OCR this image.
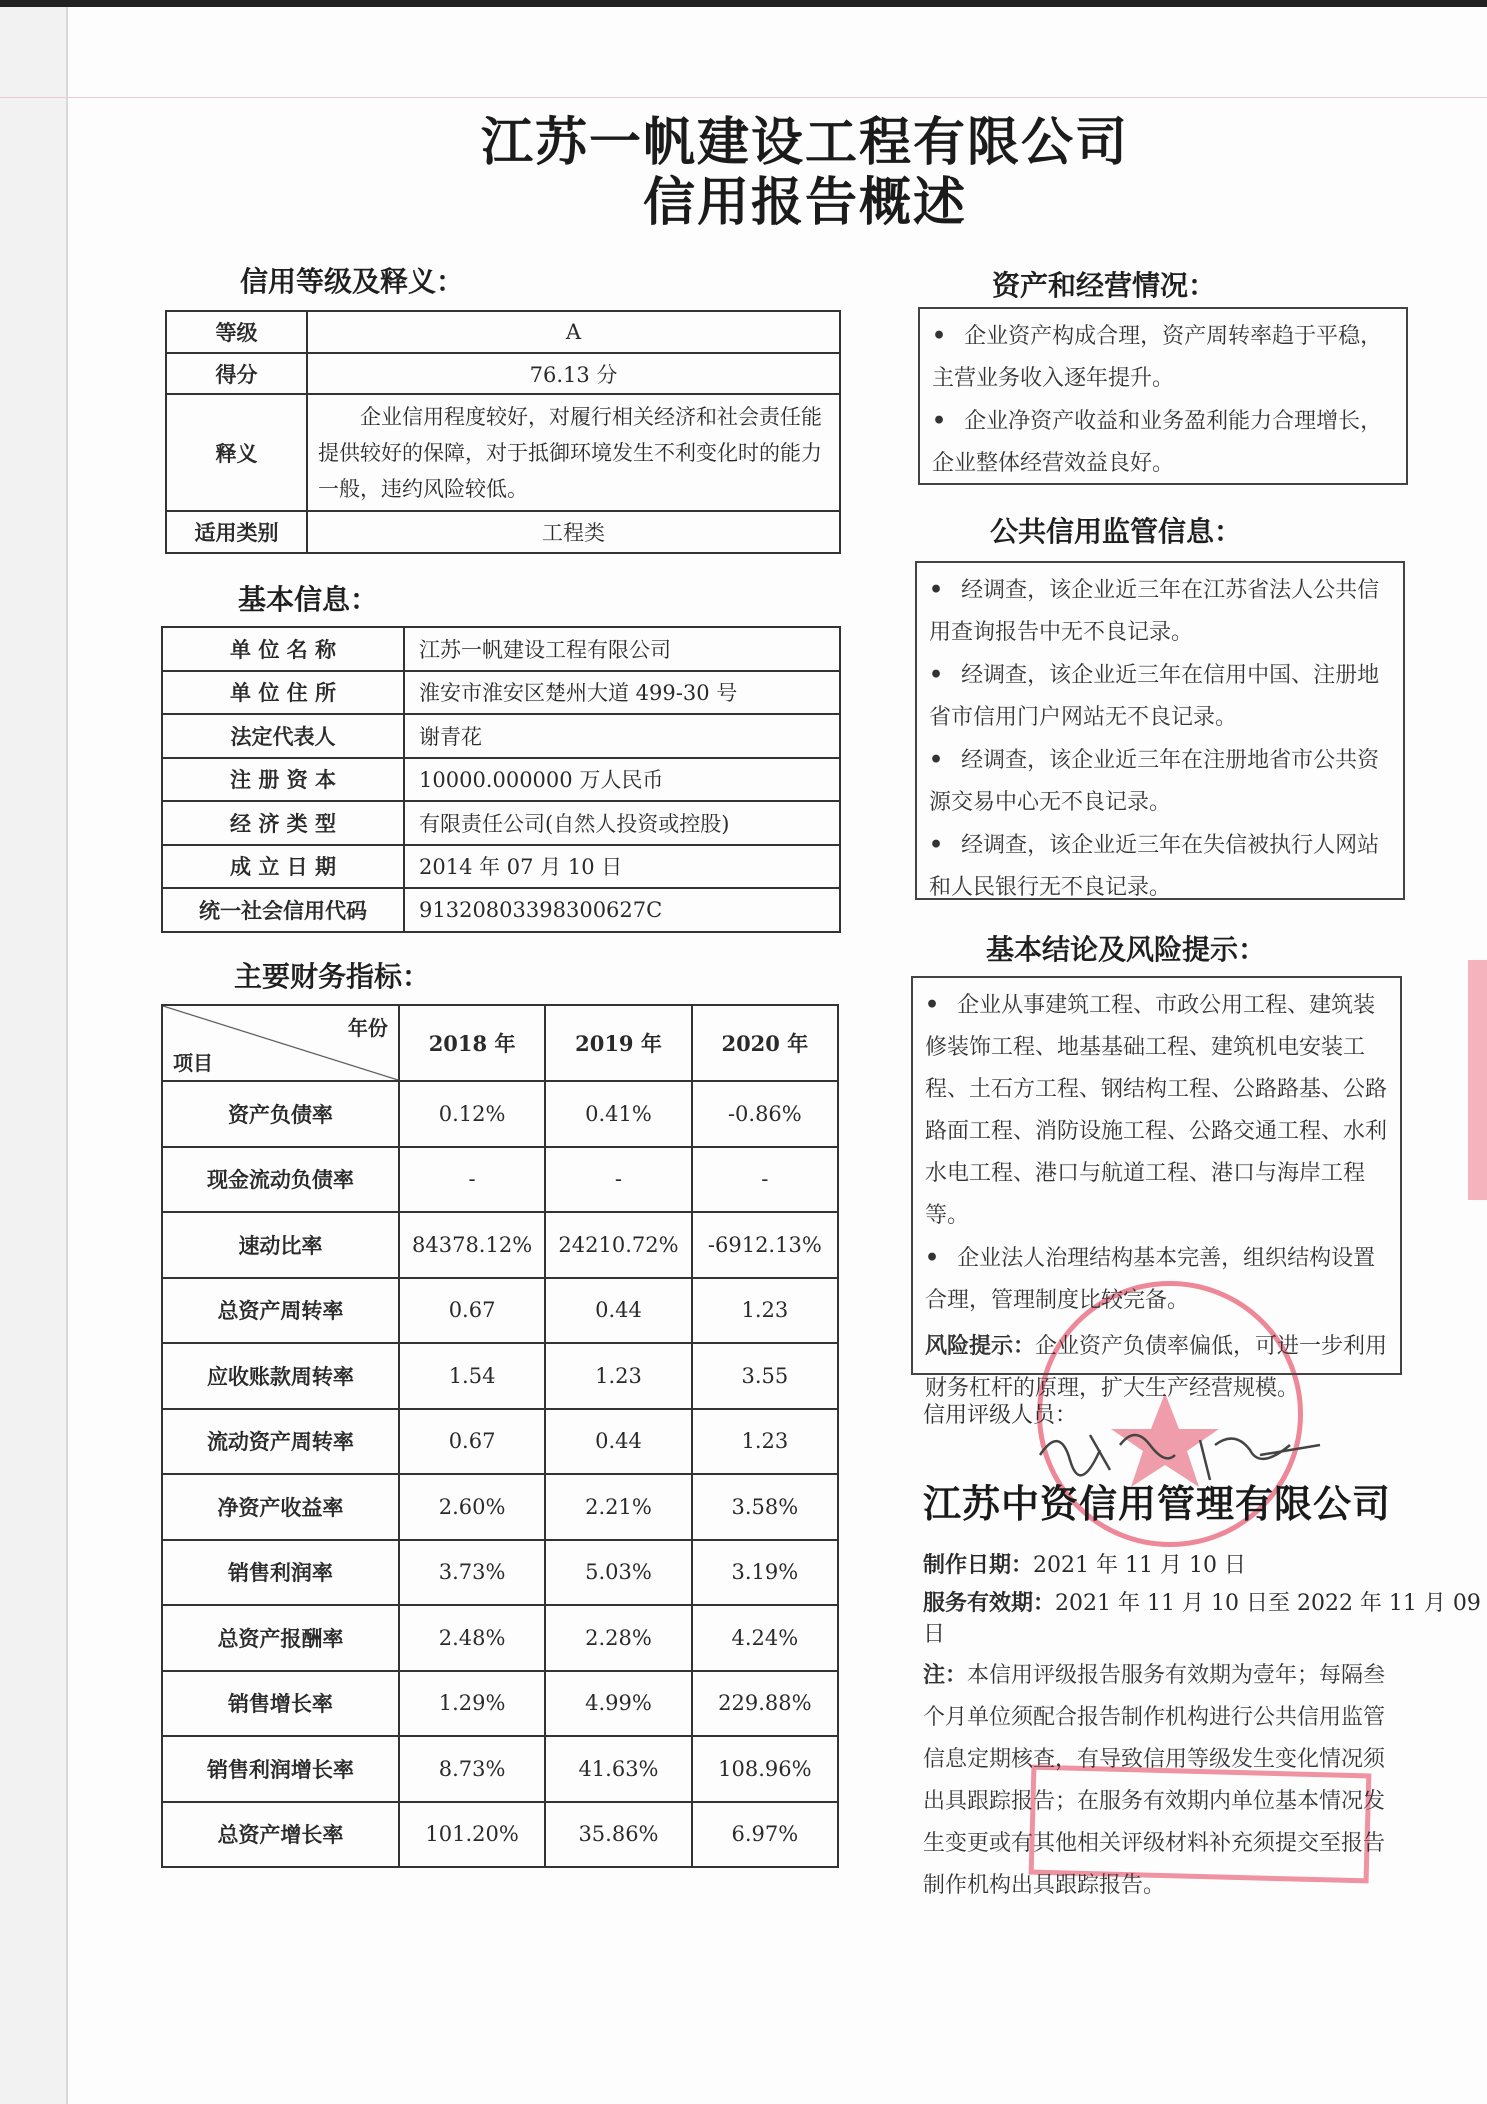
江苏一帆建设工程有限公司
信用报告概述
信用等级及释义：
等级	A
得分	76.13 分
释义	企业信用程度较好，对履行相关经济和社会责任能提供较好的保障，对于抵御环境发生不利变化时的能力一般，违约风险较低。
适用类别	工程类
基本信息：
单 位 名 称	江苏一帆建设工程有限公司
单 位 住 所	淮安市淮安区楚州大道 499-30 号
法定代表人	谢青花
注 册 资 本	10000.000000 万人民币
经 济 类 型	有限责任公司(自然人投资或控股)
成 立 日 期	2014 年 07 月 10 日
统一社会信用代码	91320803398300627C
主要财务指标：
年份
项目	2018 年	2019 年	2020 年
资产负债率	0.12%	0.41%	-0.86%
现金流动负债率	-	-	-
速动比率	84378.12%	24210.72%	-6912.13%
总资产周转率	0.67	0.44	1.23
应收账款周转率	1.54	1.23	3.55
流动资产周转率	0.67	0.44	1.23
净资产收益率	2.60%	2.21%	3.58%
销售利润率	3.73%	5.03%	3.19%
总资产报酬率	2.48%	2.28%	4.24%
销售增长率	1.29%	4.99%	229.88%
销售利润增长率	8.73%	41.63%	108.96%
总资产增长率	101.20%	35.86%	6.97%
资产和经营情况：

• 企业资产构成合理，资产周转率趋于平稳，主营业务收入逐年提升。

• 企业净资产收益和业务盈利能力合理增长，企业整体经营效益良好。

公共信用监管信息：

• 经调查，该企业近三年在江苏省法人公共信用查询报告中无不良记录。

• 经调查，该企业近三年在信用中国、注册地省市信用门户网站无不良记录。

• 经调查，该企业近三年在注册地省市公共资源交易中心无不良记录。

• 经调查，该企业近三年在失信被执行人网站和人民银行无不良记录。

基本结论及风险提示：

• 企业从事建筑工程、市政公用工程、建筑装修装饰工程、地基基础工程、建筑机电安装工程、土石方工程、钢结构工程、公路路基、公路路面工程、消防设施工程、公路交通工程、水利水电工程、港口与航道工程、港口与海岸工程等。

• 企业法人治理结构基本完善，组织结构设置合理，管理制度比较完备。

风险提示：企业资产负债率偏低，可进一步利用财务杠杆的原理，扩大生产经营规模。

信用评级人员：
江苏中资信用管理有限公司
制作日期：2021 年 11 月 10 日
服务有效期：2021 年 11 月 10 日至 2022 年 11 月 09 日
注：本信用评级报告服务有效期为壹年；每隔叁个月单位须配合报告制作机构进行公共信用监管信息定期核查，有导致信用等级发生变化情况须出具跟踪报告；在服务有效期内单位基本情况发生变更或有其他相关评级材料补充须提交至报告制作机构出具跟踪报告。
